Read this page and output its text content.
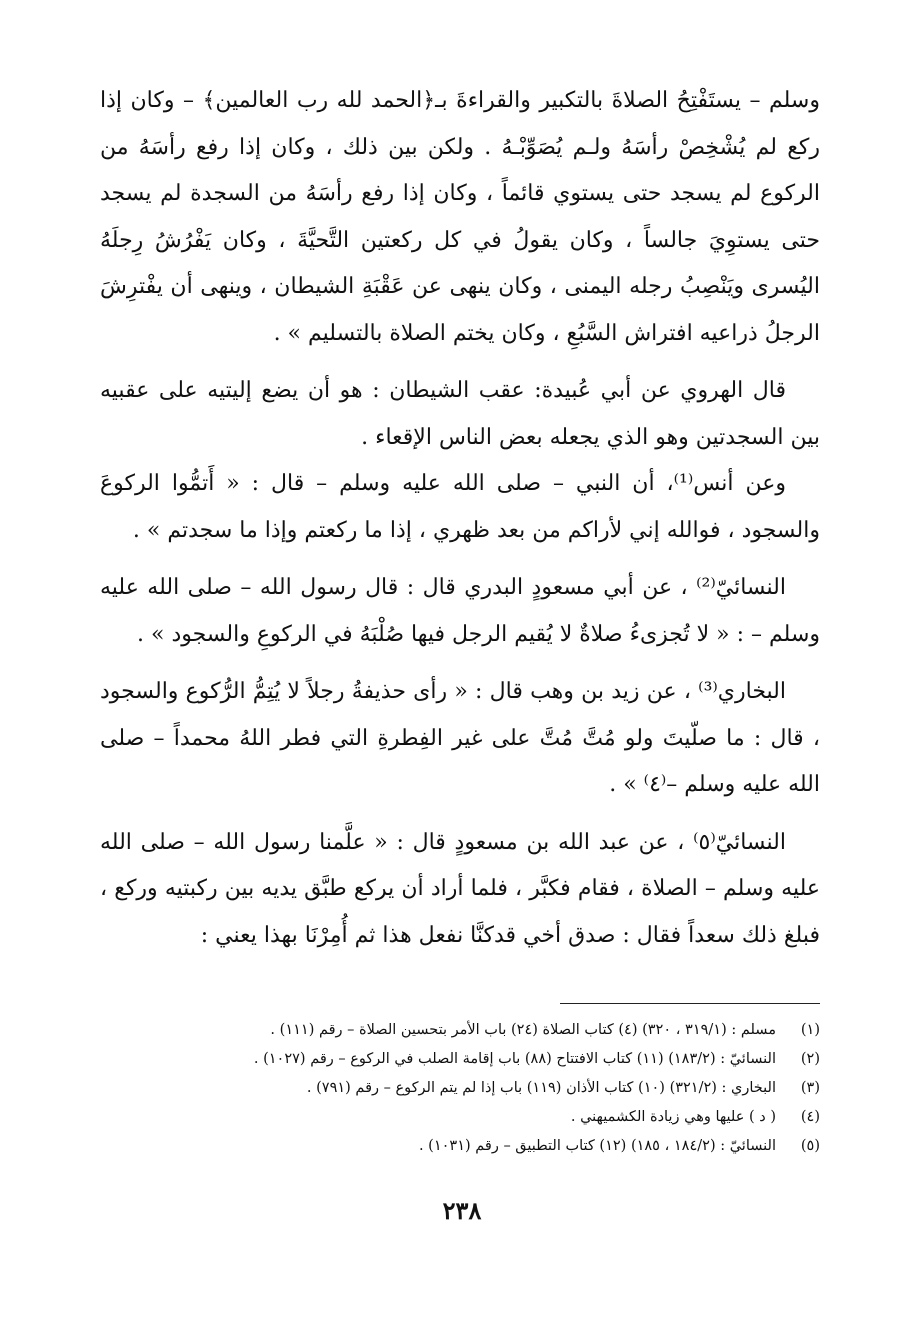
وسلم – يستَفْتِحُ الصلاةَ بالتكبير والقراءةَ بـ﴿الحمد لله رب العالمين﴾ – وكان إذا ركع لم يُشْخِصْ رأسَهُ ولـم يُصَوِّبْـهُ . ولكن بين ذلك ، وكان إذا رفع رأسَهُ من الركوع لم يسجد حتى يستوي قائماً ، وكان إذا رفع رأسَهُ من السجدة لم يسجد حتى يستوِيَ جالساً ، وكان يقولُ في كل ركعتين التَّحيَّةَ ، وكان يَفْرُشُ رِجلَهُ اليُسرى ويَنْصِبُ رجله اليمنى ، وكان ينهى عن عَقْبَةِ الشيطان ، وينهى أن يفْترِشَ الرجلُ ذراعيه افتراش السَّبُعِ ، وكان يختم الصلاة بالتسليم » .

قال الهروي عن أبي عُبيدة: عقب الشيطان : هو أن يضع إليتيه على عقبيه بين السجدتين وهو الذي يجعله بعض الناس الإقعاء .

وعن أنس⁽¹⁾، أن النبي – صلى الله عليه وسلم – قال : « أَتمُّوا الركوعَ والسجود ، فوالله إني لأراكم من بعد ظهري ، إذا ما ركعتم وإذا ما سجدتم » .

النسائيّ⁽²⁾ ، عن أبي مسعودٍ البدري قال : قال رسول الله – صلى الله عليه وسلم – : « لا تُجزىءُ صلاةٌ لا يُقيم الرجل فيها صُلْبَهُ في الركوعِ والسجود » .

البخاري⁽³⁾ ، عن زيد بن وهب قال : « رأى حذيفةُ رجلاً لا يُتِمُّ الرُّكوع والسجود ، قال : ما صلّيتَ ولو مُتَّ مُتَّ على غير الفِطرةِ التي فطر اللهُ محمداً – صلى الله عليه وسلم –⁽٤⁾ » .

النسائيّ⁽٥⁾ ، عن عبد الله بن مسعودٍ قال : « علَّمنا رسول الله – صلى الله عليه وسلم – الصلاة ، فقام فكبَّر ، فلما أراد أن يركع طبَّق يديه بين ركبتيه وركع ، فبلغ ذلك سعداً فقال : صدق أخي قدكنَّا نفعل هذا ثم أُمِرْنَا بهذا يعني :

(١)
مسلم : (٣١٩/١ ، ٣٢٠) (٤) كتاب الصلاة (٢٤) باب الأمر بتحسين الصلاة – رقم (١١١) .
(٢)
النسائيّ : (١٨٣/٢) (١١) كتاب الافتتاح (٨٨) باب إقامة الصلب في الركوع – رقم (١٠٢٧) .
(٣)
البخاري : (٣٢١/٢) (١٠) كتاب الأذان (١١٩) باب إذا لم يتم الركوع – رقم (٧٩١) .
(٤)
( د ) عليها وهي زيادة الكشميهني .
(٥)
النسائيّ : (١٨٤/٢ ، ١٨٥) (١٢) كتاب التطبيق – رقم (١٠٣١) .
٢٣٨
